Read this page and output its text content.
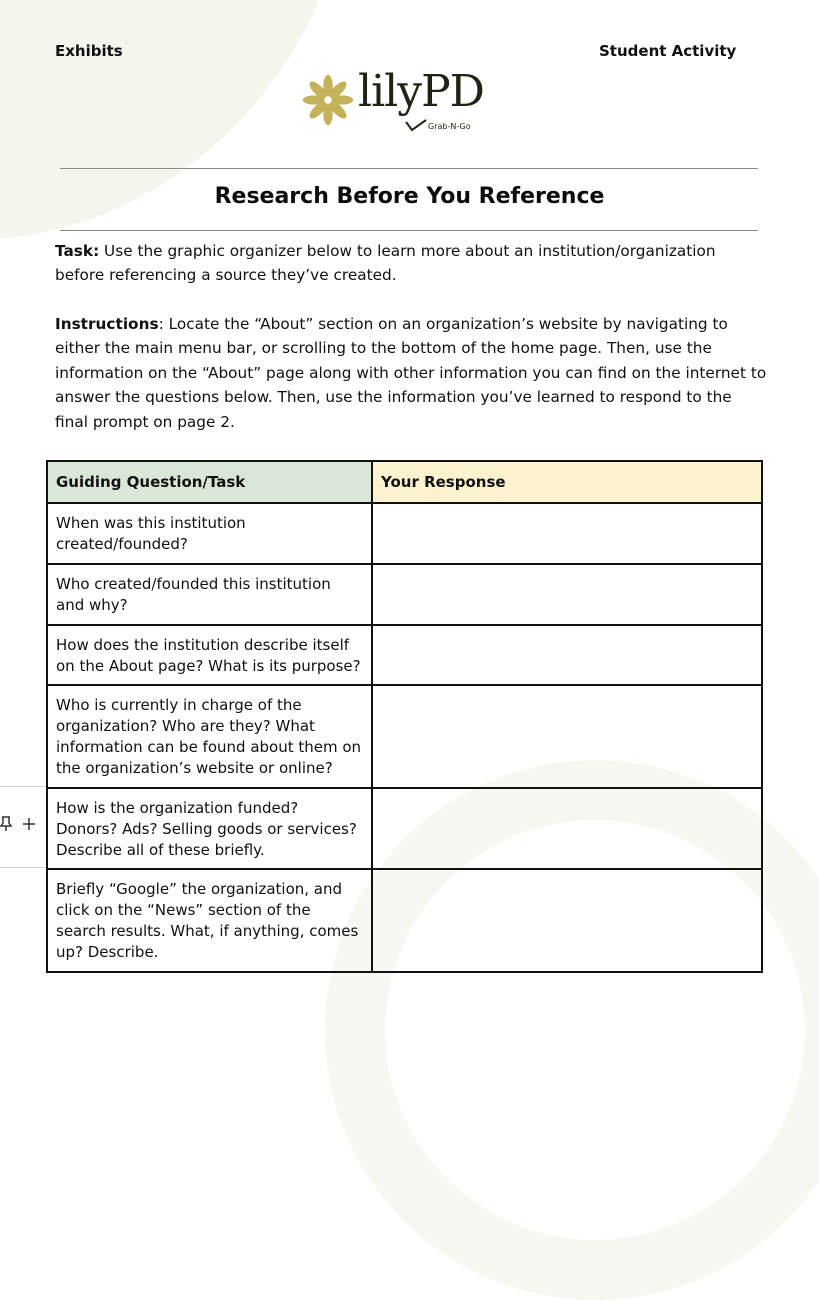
Exhibits	Student Activity
lilyPD
Grab-N-Go
Research Before You Reference
Task: Use the graphic organizer below to learn more about an institution/organization before referencing a source they’ve created.
Instructions: Locate the “About” section on an organization’s website by navigating to either the main menu bar, or scrolling to the bottom of the home page. Then, use the information on the “About” page along with other information you can find on the internet to answer the questions below. Then, use the information you’ve learned to respond to the final prompt on page 2.
Guiding Question/Task	Your Response
When was this institution created/founded?	
Who created/founded this institution and why?	
How does the institution describe itself on the About page? What is its purpose?	
Who is currently in charge of the organization? Who are they? What information can be found about them on the organization’s website or online?	
How is the organization funded? Donors? Ads? Selling goods or services? Describe all of these briefly.	
Briefly “Google” the organization, and click on the “News” section of the search results. What, if anything, comes up? Describe.	
